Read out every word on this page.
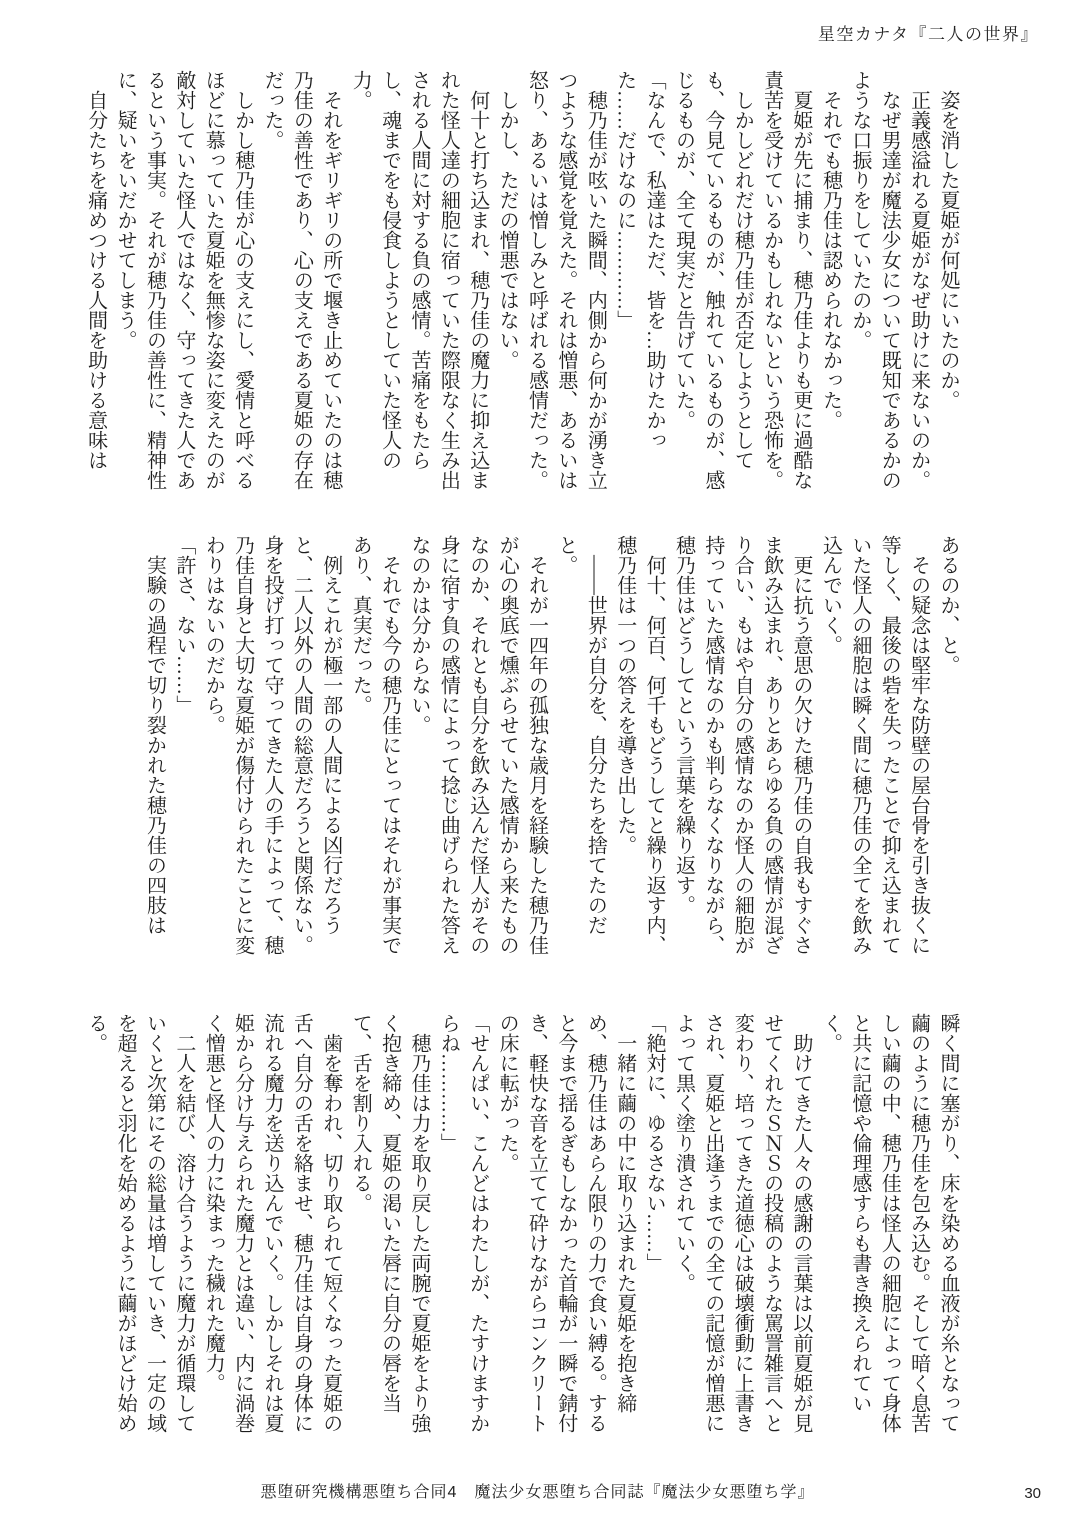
星空カナタ『二人の世界』

姿を消した夏姫が何処にいたのか。

正義感溢れる夏姫がなぜ助けに来ないのか。

なぜ男達が魔法少女について既知であるかのような口振りをしていたのか。

それでも穂乃佳は認められなかった。

夏姫が先に捕まり、穂乃佳よりも更に過酷な責苦を受けているかもしれないという恐怖を。

しかしどれだけ穂乃佳が否定しようとしても、今見ているものが、触れているものが、感じるものが、全て現実だと告げていた。

「なんで、私達はただ、皆を…助けたかった……だけなのに…………」

穂乃佳が呟いた瞬間、内側から何かが湧き立つような感覚を覚えた。それは憎悪、あるいは怒り、あるいは憎しみと呼ばれる感情だった。

しかし、ただの憎悪ではない。

何十と打ち込まれ、穂乃佳の魔力に抑え込まれた怪人達の細胞に宿っていた際限なく生み出される人間に対する負の感情。苦痛をもたらし、魂までをも侵食しようとしていた怪人の力。

それをギリギリの所で堰き止めていたのは穂乃佳の善性であり、心の支えである夏姫の存在だった。

しかし穂乃佳が心の支えにし、愛情と呼べるほどに慕っていた夏姫を無惨な姿に変えたのが敵対していた怪人ではなく、守ってきた人であるという事実。それが穂乃佳の善性に、精神性に、疑いをいだかせてしまう。

自分たちを痛めつける人間を助ける意味は

あるのか、と。

その疑念は堅牢な防壁の屋台骨を引き抜くに等しく、最後の砦を失ったことで抑え込まれていた怪人の細胞は瞬く間に穂乃佳の全てを飲み込んでいく。

更に抗う意思の欠けた穂乃佳の自我もすぐさま飲み込まれ、ありとあらゆる負の感情が混ざり合い、もはや自分の感情なのか怪人の細胞が持っていた感情なのかも判らなくなりながら、穂乃佳はどうしてという言葉を繰り返す。

何十、何百、何千もどうしてと繰り返す内、穂乃佳は一つの答えを導き出した。

――世界が自分を、自分たちを捨てたのだと。

それが一四年の孤独な歳月を経験した穂乃佳が心の奥底で燻ぶらせていた感情から来たものなのか、それとも自分を飲み込んだ怪人がその身に宿す負の感情によって捻じ曲げられた答えなのかは分からない。

それでも今の穂乃佳にとってはそれが事実であり、真実だった。

例えこれが極一部の人間による凶行だろうと、二人以外の人間の総意だろうと関係ない。身を投げ打って守ってきた人の手によって、穂乃佳自身と大切な夏姫が傷付けられたことに変わりはないのだから。

「許さ、ない……」

実験の過程で切り裂かれた穂乃佳の四肢は

瞬く間に塞がり、床を染める血液が糸となって繭のように穂乃佳を包み込む。そして暗く息苦しい繭の中、穂乃佳は怪人の細胞によって身体と共に記憶や倫理感すらも書き換えられていく。

助けてきた人々の感謝の言葉は以前夏姫が見せてくれたＳＮＳの投稿のような罵詈雑言へと変わり、培ってきた道徳心は破壊衝動に上書きされ、夏姫と出逢うまでの全ての記憶が憎悪によって黒く塗り潰されていく。

「絶対に、ゆるさない……」

一緒に繭の中に取り込まれた夏姫を抱き締め、穂乃佳はあらん限りの力で食い縛る。すると今まで揺るぎもしなかった首輪が一瞬で錆付き、軽快な音を立てて砕けながらコンクリートの床に転がった。

「せんぱい、こんどはわたしが、たすけますからね…………」

穂乃佳は力を取り戻した両腕で夏姫をより強く抱き締め、夏姫の渇いた唇に自分の唇を当て、舌を割り入れる。

歯を奪われ、切り取られて短くなった夏姫の舌へ自分の舌を絡ませ、穂乃佳は自身の身体に流れる魔力を送り込んでいく。しかしそれは夏姫から分け与えられた魔力とは違い、内に渦巻く憎悪と怪人の力に染まった穢れた魔力。

二人を結び、溶け合うように魔力が循環していくと次第にその総量は増していき、一定の域を超えると羽化を始めるように繭がほどけ始める。

悪堕研究機構悪堕ち合同4　魔法少女悪堕ち合同誌『魔法少女悪堕ち学』	30
